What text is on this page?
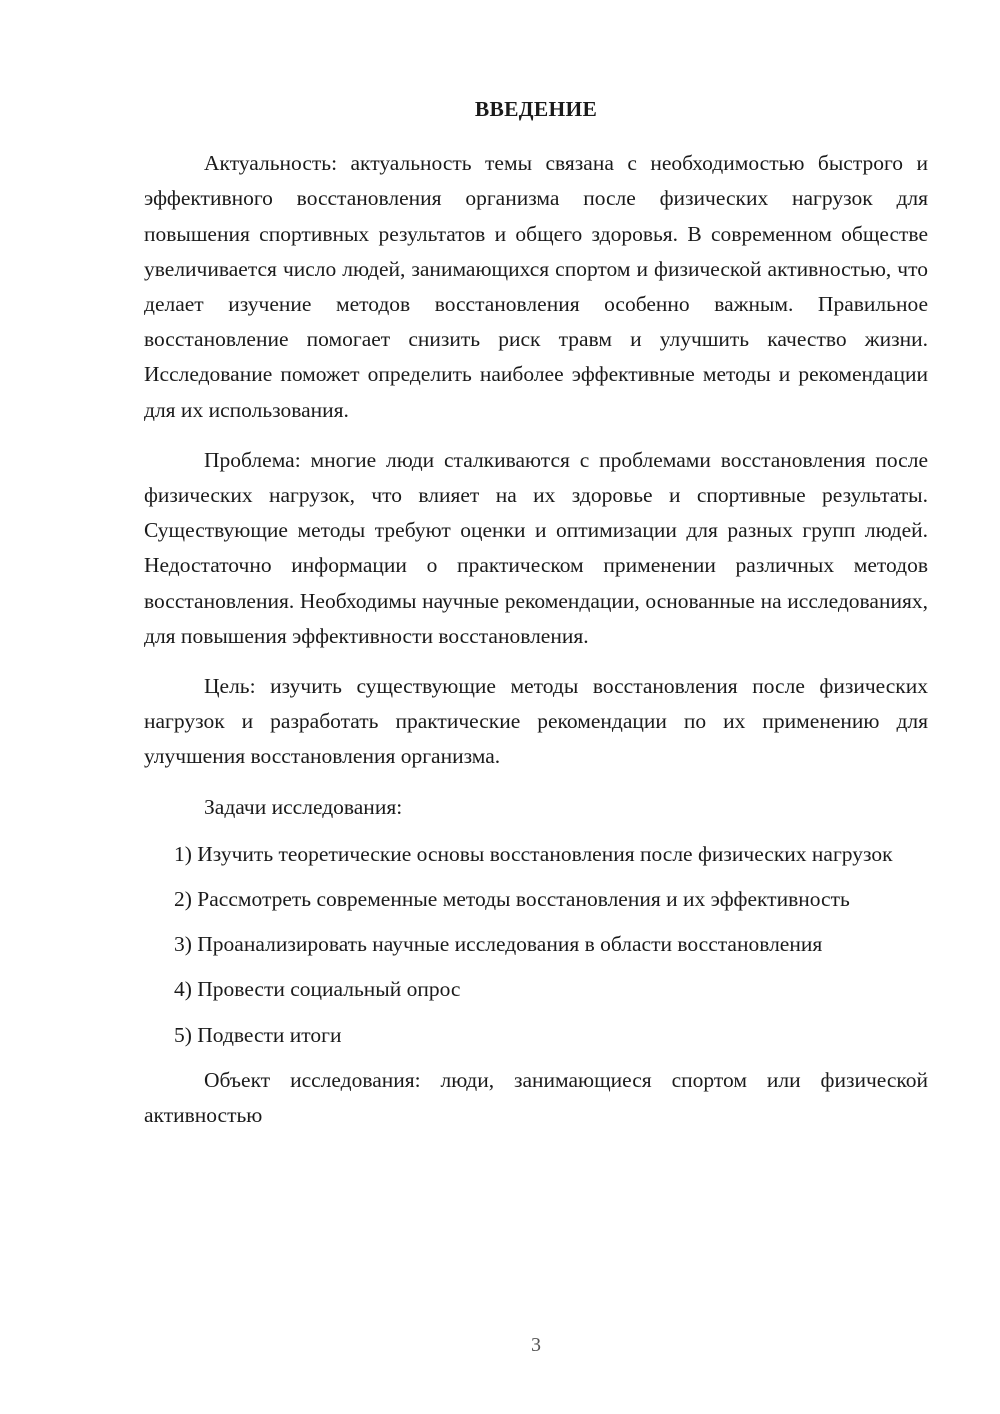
ВВЕДЕНИЕ

Актуальность: актуальность темы связана с необходимостью быстрого и эффективного восстановления организма после физических нагрузок для повышения спортивных результатов и общего здоровья. В современном обществе увеличивается число людей, занимающихся спортом и физической активностью, что делает изучение методов восстановления особенно важным. Правильное восстановление помогает снизить риск травм и улучшить качество жизни. Исследование поможет определить наиболее эффективные методы и рекомендации для их использования.

Проблема: многие люди сталкиваются с проблемами восстановления после физических нагрузок, что влияет на их здоровье и спортивные результаты. Существующие методы требуют оценки и оптимизации для разных групп людей. Недостаточно информации о практическом применении различных методов восстановления. Необходимы научные рекомендации, основанные на исследованиях, для повышения эффективности восстановления.

Цель: изучить существующие методы восстановления после физических нагрузок и разработать практические рекомендации по их применению для улучшения восстановления организма.

Задачи исследования:

1) Изучить теоретические основы восстановления после физических нагрузок

2) Рассмотреть современные методы восстановления и их эффективность

3) Проанализировать научные исследования в области восстановления

4) Провести социальный опрос

5) Подвести итоги

Объект исследования: люди, занимающиеся спортом или физической активностью

3
